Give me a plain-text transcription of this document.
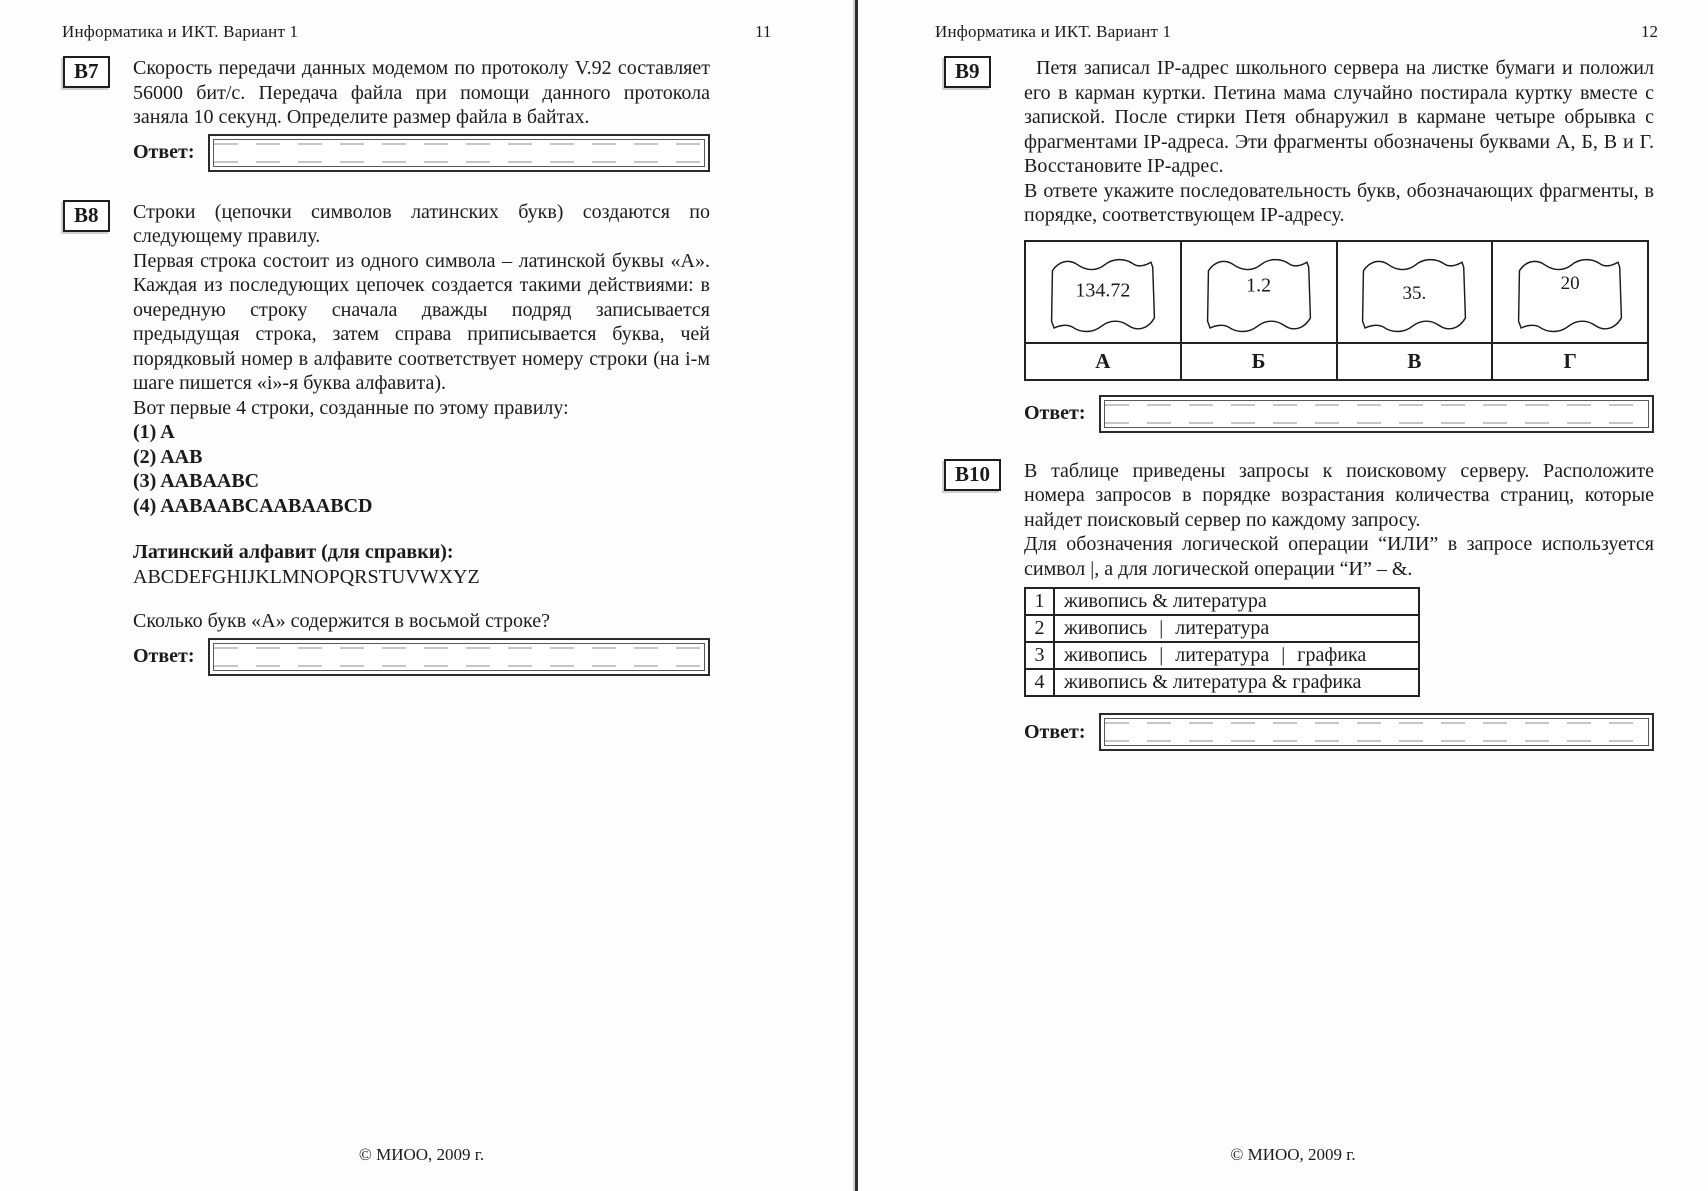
Информатика и ИКТ. Вариант 1	11
B7	Скорость передачи данных модемом по протоколу V.92 составляет 56000 бит/с. Передача файла при помощи данного протокола заняла 10 секунд. Определите размер файла в байтах.

Ответ:
B8	Строки (цепочки символов латинских букв) создаются по следующему правилу.

Первая строка состоит из одного символа – латинской буквы «А». Каждая из последующих цепочек создается такими действиями: в очередную строку сначала дважды подряд записывается предыдущая строка, затем справа приписывается буква, чей порядковый номер в алфавите соответствует номеру строки (на i-м шаге пишется «i»-я буква алфавита).

Вот первые 4 строки, созданные по этому правилу:

(1) A

(2) AAB

(3) AABAABC

(4) AABAABCAABAABCD

Латинский алфавит (для справки):

ABCDEFGHIJKLMNOPQRSTUVWXYZ

Сколько букв «А» содержится в восьмой строке?

Ответ:
© МИОО, 2009 г.
Информатика и ИКТ. Вариант 1	12
B9	Петя записал IP-адрес школьного сервера на листке бумаги и положил его в карман куртки. Петина мама случайно постирала куртку вместе с запиской. После стирки Петя обнаружил в кармане четыре обрывка с фрагментами IP-адреса. Эти фрагменты обозначены буквами А, Б, В и Г. Восстановите IP-адрес.

В ответе укажите последовательность букв, обозначающих фрагменты, в порядке, соответствующем IP-адресу.

134.72	1.2	35.	20

А	Б	В	Г
Ответ:
B10	В таблице приведены запросы к поисковому серверу. Расположите номера запросов в порядке возрастания количества страниц, которые найдет поисковый сервер по каждому запросу.

Для обозначения логической операции “ИЛИ” в запросе используется символ |, а для логической операции “И” – &.

1	живопись & литература
2	живопись | литература
3	живопись | литература | графика
4	живопись & литература & графика
Ответ:
© МИОО, 2009 г.
